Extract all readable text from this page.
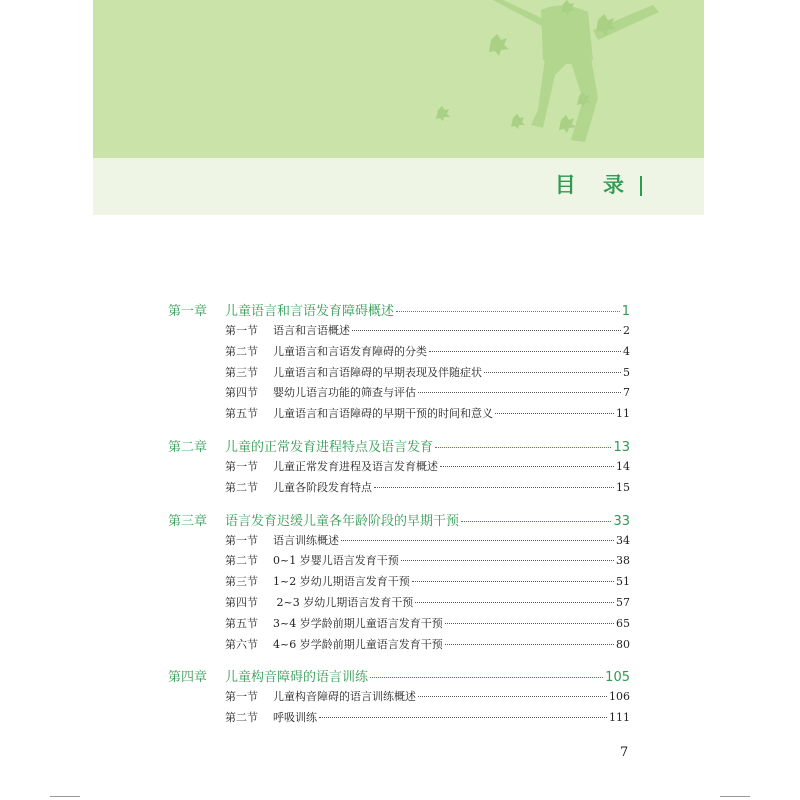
目 录
第一章	儿童语言和言语发育障碍概述	1
第一节	语言和言语概述	2
第二节	儿童语言和言语发育障碍的分类	4
第三节	儿童语言和言语障碍的早期表现及伴随症状	5
第四节	婴幼儿语言功能的筛查与评估	7
第五节	儿童语言和言语障碍的早期干预的时间和意义	11
第二章	儿童的正常发育进程特点及语言发育	13
第一节	儿童正常发育进程及语言发育概述	14
第二节	儿童各阶段发育特点	15
第三章	语言发育迟缓儿童各年龄阶段的早期干预	33
第一节	语言训练概述	34
第二节	0~1 岁婴儿语言发育干预	38
第三节	1~2 岁幼儿期语言发育干预	51
第四节	2~3 岁幼儿期语言发育干预	57
第五节	3~4 岁学龄前期儿童语言发育干预	65
第六节	4~6 岁学龄前期儿童语言发育干预	80
第四章	儿童构音障碍的语言训练	105
第一节	儿童构音障碍的语言训练概述	106
第二节	呼吸训练	111
7
